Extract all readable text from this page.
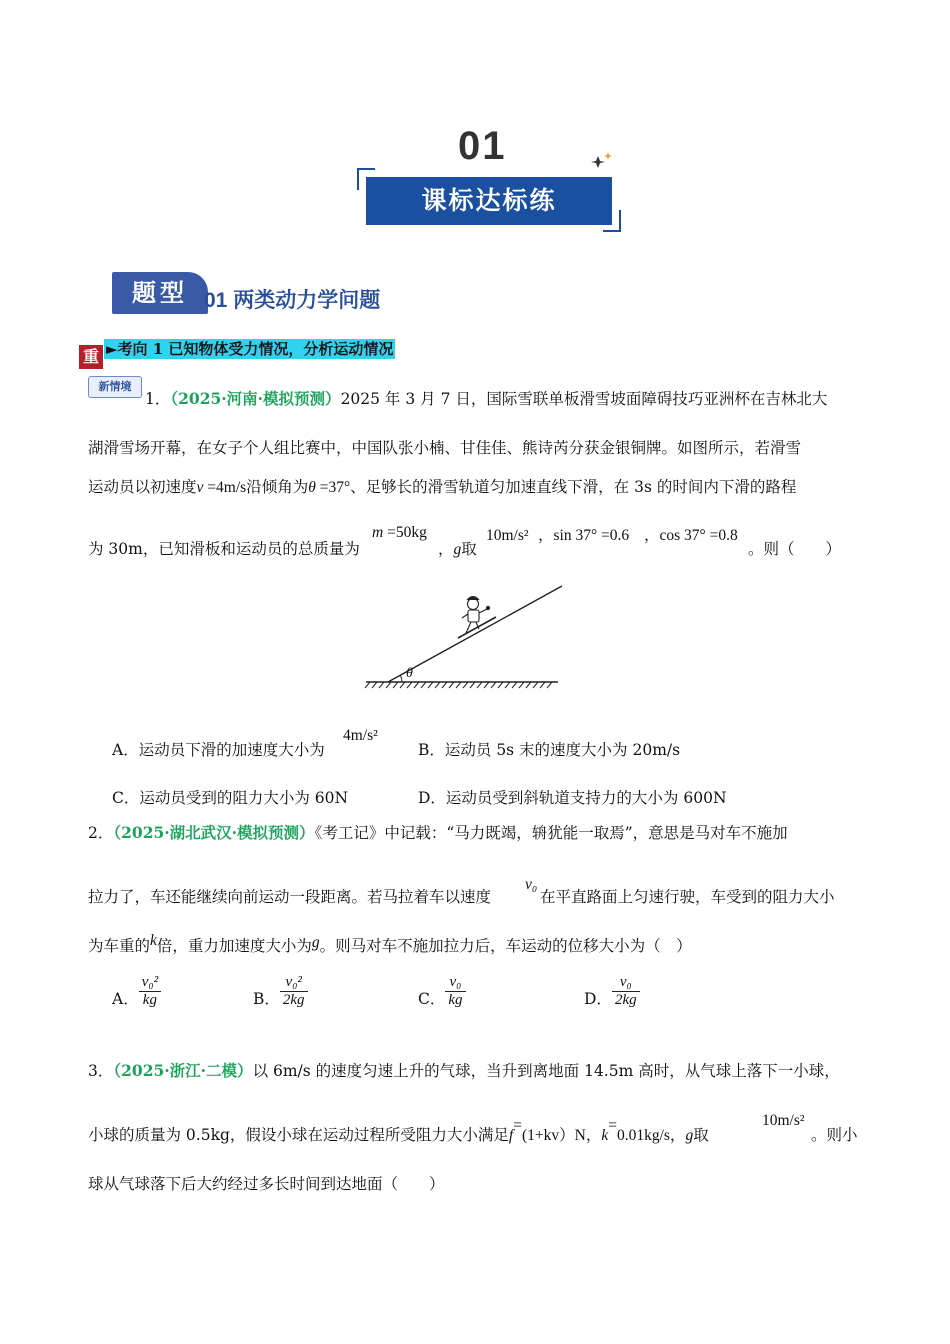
01
课标达标练
题型 01 两类动力学问题
重 ►考向 1 已知物体受力情况，分析运动情况
新情境
1．（2025·河南·模拟预测）2025 年 3 月 7 日，国际雪联单板滑雪坡面障碍技巧亚洲杯在吉林北大
湖滑雪场开幕，在女子个人组比赛中，中国队张小楠、甘佳佳、熊诗芮分获金银铜牌。如图所示，若滑雪
运动员以初速度v =4m/s沿倾角为θ =37°、足够长的滑雪轨道匀加速直线下滑，在 3s 的时间内下滑的路程
为 30m，已知滑板和运动员的总质量为
m =50kg
，g取
10m/s² ，sin 37° =0.6 ，cos 37° =0.8
。则（　　）
θ
A．运动员下滑的加速度大小为
4m/s²
B．运动员 5s 末的速度大小为 20m/s
C．运动员受到的阻力大小为 60N	D．运动员受到斜轨道支持力的大小为 600N
2．（2025·湖北武汉·模拟预测）《考工记》中记载：“马力既竭，辀犹能一取焉”，意思是马对车不施加
拉力了，车还能继续向前运动一段距离。若马拉着车以速度
v₀
在平直路面上匀速行驶，车受到的阻力大小
为车重的k倍，重力加速度大小为g。则马对车不施加拉力后，车运动的位移大小为（　）
A． $\frac{\text{v₀²}}{kg}$	B． $\frac{\text{v₀²}}{2kg}$	C． $\frac{\text{v₀}}{kg}$	D． $\frac{\text{v₀}}{2kg}$
3．（2025·浙江·二模）以 6m/s 的速度匀速上升的气球，当升到离地面 14.5m 高时，从气球上落下一小球，
小球的质量为 0.5kg，假设小球在运动过程所受阻力大小满足f=(1+kv）N，k=0.01kg/s，g取
10m/s²
。则小
球从气球落下后大约经过多长时间到达地面（　　）
